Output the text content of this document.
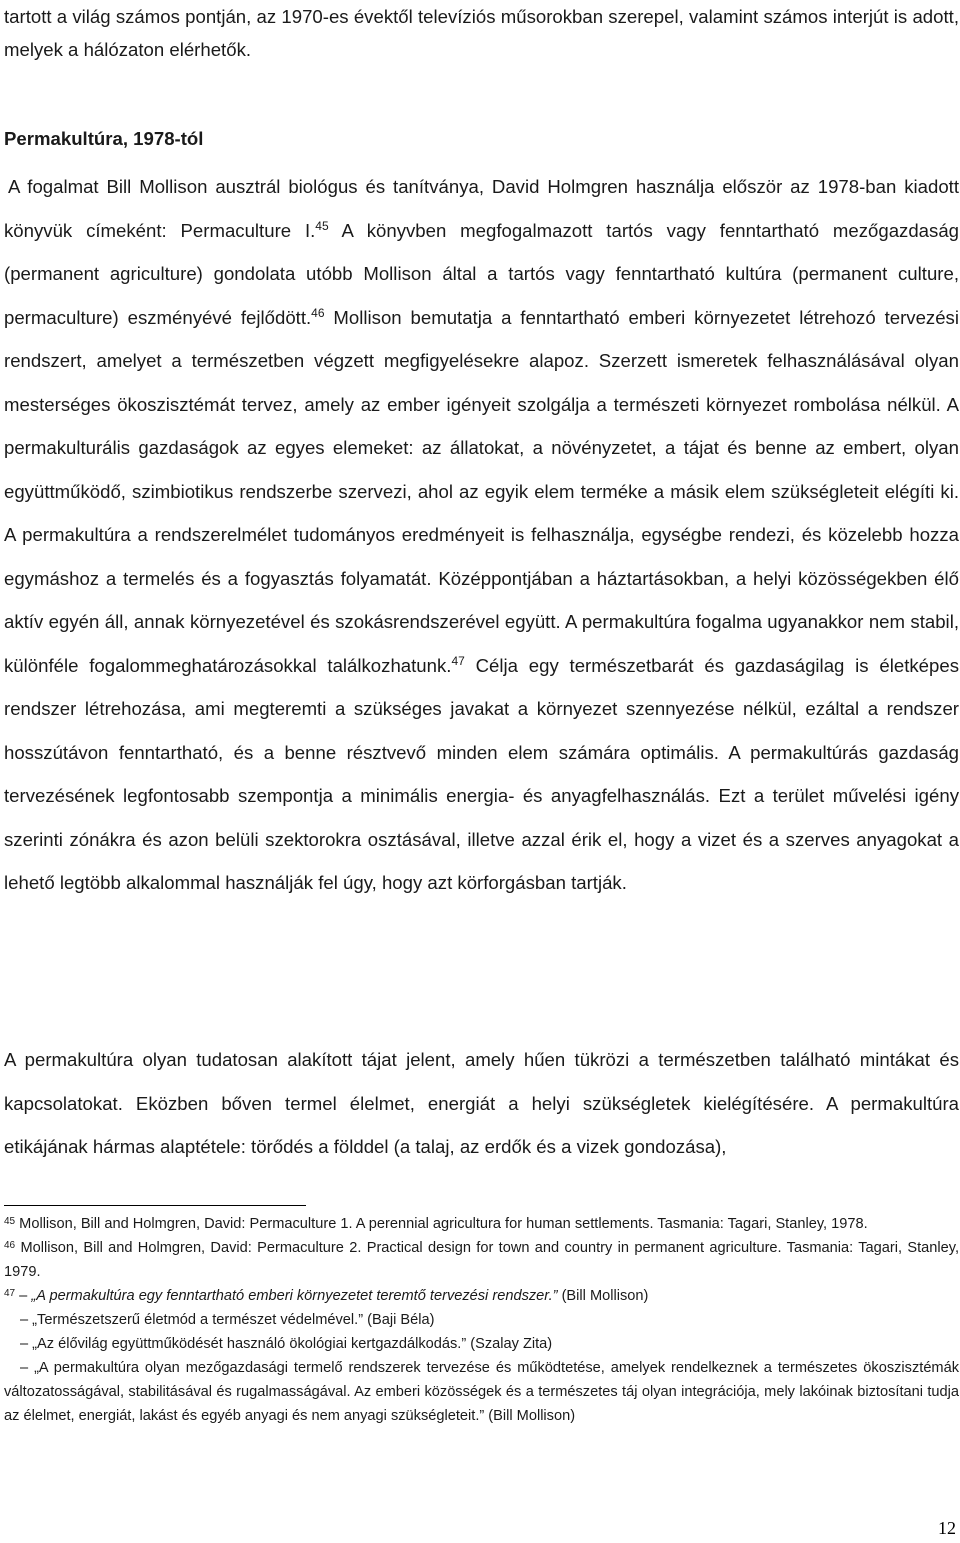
tartott a világ számos pontján, az 1970-es évektől televíziós műsorokban szerepel, valamint számos interjút is adott, melyek a hálózaton elérhetők.

Permakultúra, 1978-tól

A fogalmat Bill Mollison ausztrál biológus és tanítványa, David Holmgren használja először az 1978-ban kiadott könyvük címeként: Permaculture I.$^{45}$ A könyvben megfogalmazott tartós vagy fenntartható mezőgazdaság (permanent agriculture) gondolata utóbb Mollison által a tartós vagy fenntartható kultúra (permanent culture, permaculture) eszményévé fejlődött.$^{46}$ Mollison bemutatja a fenntartható emberi környezetet létrehozó tervezési rendszert, amelyet a természetben végzett megfigyelésekre alapoz. Szerzett ismeretek felhasználásával olyan mesterséges ökoszisztémát tervez, amely az ember igényeit szolgálja a természeti környezet rombolása nélkül. A permakulturális gazdaságok az egyes elemeket: az állatokat, a növényzetet, a tájat és benne az embert, olyan együttműködő, szimbiotikus rendszerbe szervezi, ahol az egyik elem terméke a másik elem szükségleteit elégíti ki. A permakultúra a rendszerelmélet tudományos eredményeit is felhasználja, egységbe rendezi, és közelebb hozza egymáshoz a termelés és a fogyasztás folyamatát. Középpontjában a háztartásokban, a helyi közösségekben élő aktív egyén áll, annak környezetével és szokásrendszerével együtt. A permakultúra fogalma ugyanakkor nem stabil, különféle fogalommeghatározásokkal találkozhatunk.$^{47}$ Célja egy természetbarát és gazdaságilag is életképes rendszer létrehozása, ami megteremti a szükséges javakat a környezet szennyezése nélkül, ezáltal a rendszer hosszútávon fenntartható, és a benne résztvevő minden elem számára optimális. A permakultúrás gazdaság tervezésének legfontosabb szempontja a minimális energia- és anyagfelhasználás. Ezt a terület művelési igény szerinti zónákra és azon belüli szektorokra osztásával, illetve azzal érik el, hogy a vizet és a szerves anyagokat a lehető legtöbb alkalommal használják fel úgy, hogy azt körforgásban tartják.

A permakultúra olyan tudatosan alakított tájat jelent, amely hűen tükrözi a természetben található mintákat és kapcsolatokat. Eközben bőven termel élelmet, energiát a helyi szükségletek kielégítésére. A permakultúra etikájának hármas alaptétele: törődés a földdel (a talaj, az erdők és a vizek gondozása),

$^{45}$ Mollison, Bill and Holmgren, David: Permaculture 1. A perennial agricultura for human settlements. Tasmania: Tagari, Stanley, 1978.

$^{46}$ Mollison, Bill and Holmgren, David: Permaculture 2. Practical design for town and country in permanent agriculture. Tasmania: Tagari, Stanley, 1979.

$^{47}$ – „A permakultúra egy fenntartható emberi környezetet teremtő tervezési rendszer.” (Bill Mollison)

– „Természetszerű életmód a természet védelmével.” (Baji Béla)

– „Az élővilág együttműködését használó ökológiai kertgazdálkodás.” (Szalay Zita)

– „A permakultúra olyan mezőgazdasági termelő rendszerek tervezése és működtetése, amelyek rendelkeznek a természetes ökoszisztémák változatosságával, stabilitásával és rugalmasságával. Az emberi közösségek és a természetes táj olyan integrációja, mely lakóinak biztosítani tudja az élelmet, energiát, lakást és egyéb anyagi és nem anyagi szükségleteit.” (Bill Mollison)

12
